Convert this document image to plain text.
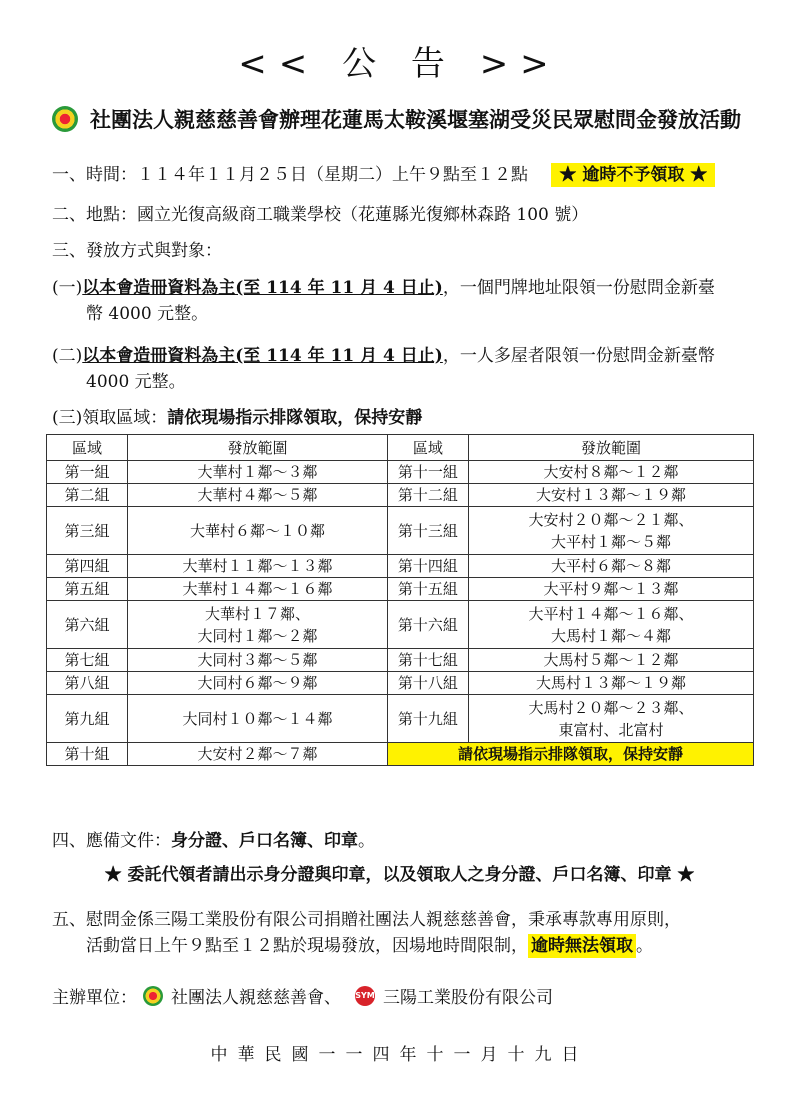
<< 公 告 >>
社團法人親慈慈善會辦理花蓮馬太鞍溪堰塞湖受災民眾慰問金發放活動
一、時間：１１４年１１月２５日（星期二）上午９點至１２點 ★ 逾時不予領取 ★
二、地點：國立光復高級商工職業學校（花蓮縣光復鄉林森路 100 號）
三、發放方式與對象：
(一)以本會造冊資料為主(至 114 年 11 月 4 日止)，一個門牌地址限領一份慰問金新臺
幣 4000 元整。
(二)以本會造冊資料為主(至 114 年 11 月 4 日止)，一人多屋者限領一份慰問金新臺幣
4000 元整。
(三)領取區域：請依現場指示排隊領取，保持安靜
區域	發放範圍	區域	發放範圍
第一組	大華村１鄰～３鄰	第十一組	大安村８鄰～１２鄰
第二組	大華村４鄰～５鄰	第十二組	大安村１３鄰～１９鄰
第三組	大華村６鄰～１０鄰	第十三組	大安村２０鄰～２１鄰、
大平村１鄰～５鄰
第四組	大華村１１鄰～１３鄰	第十四組	大平村６鄰～８鄰
第五組	大華村１４鄰～１６鄰	第十五組	大平村９鄰～１３鄰
第六組	大華村１７鄰、
大同村１鄰～２鄰	第十六組	大平村１４鄰～１６鄰、
大馬村１鄰～４鄰
第七組	大同村３鄰～５鄰	第十七組	大馬村５鄰～１２鄰
第八組	大同村６鄰～９鄰	第十八組	大馬村１３鄰～１９鄰
第九組	大同村１０鄰～１４鄰	第十九組	大馬村２０鄰～２３鄰、
東富村、北富村
第十組	大安村２鄰～７鄰	請依現場指示排隊領取，保持安靜	
四、應備文件：身分證、戶口名簿、印章。
★ 委託代領者請出示身分證與印章，以及領取人之身分證、戶口名簿、印章 ★
五、慰問金係三陽工業股份有限公司捐贈社團法人親慈慈善會，秉承專款專用原則，
活動當日上午９點至１２點於現場發放，因場地時間限制， 逾時無法領取 。
主辦單位： 社團法人親慈慈善會、 SYM 三陽工業股份有限公司
中華民國一一四年十一月十九日
